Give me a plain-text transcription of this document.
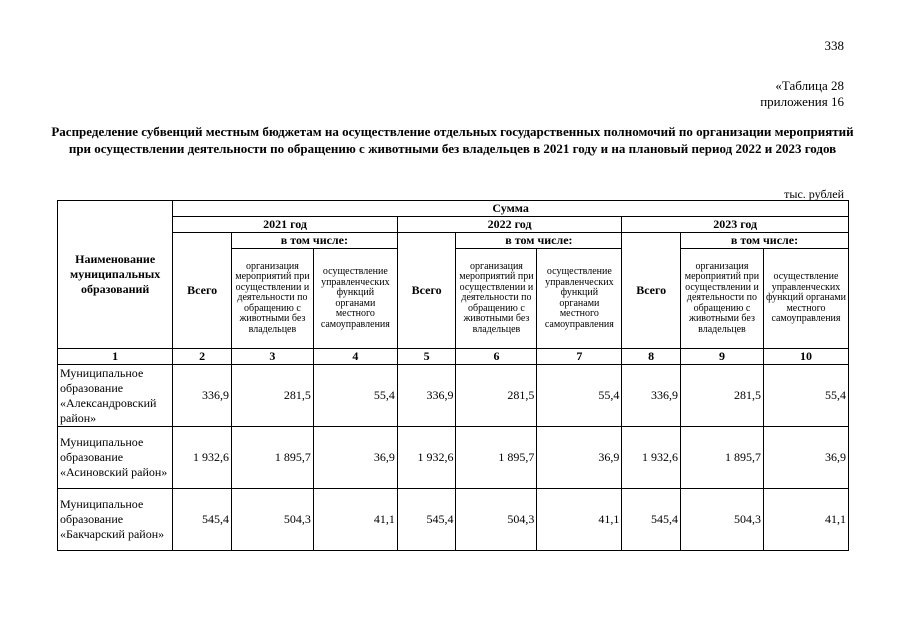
338
«Таблица 28
приложения 16
Распределение субвенций местным бюджетам на осуществление отдельных государственных полномочий по организации мероприятий при осуществлении деятельности по обращению с животными без владельцев в 2021 году и на плановый период 2022 и 2023 годов
тыс. рублей
Наименование муниципальных образований	Сумма								
	2021 год			2022 год			2023 год		
	Всего	в том числе:		Всего	в том числе:		Всего	в том числе:	
		организация мероприятий при осуществлении и деятельности по обращению с животными без владельцев	осуществление управленческих функций органами местного самоуправления		организация мероприятий при осуществлении и деятельности по обращению с животными без владельцев	осуществление управленческих функций органами местного самоуправления		организация мероприятий при осуществлении и деятельности по обращению с животными без владельцев	осуществление управленческих функций органами местного самоуправления
1	2	3	4	5	6	7	8	9	10
Муниципальное образование «Александровский район»	336,9	281,5	55,4	336,9	281,5	55,4	336,9	281,5	55,4
Муниципальное образование «Асиновский район»	1 932,6	1 895,7	36,9	1 932,6	1 895,7	36,9	1 932,6	1 895,7	36,9
Муниципальное образование «Бакчарский район»	545,4	504,3	41,1	545,4	504,3	41,1	545,4	504,3	41,1
